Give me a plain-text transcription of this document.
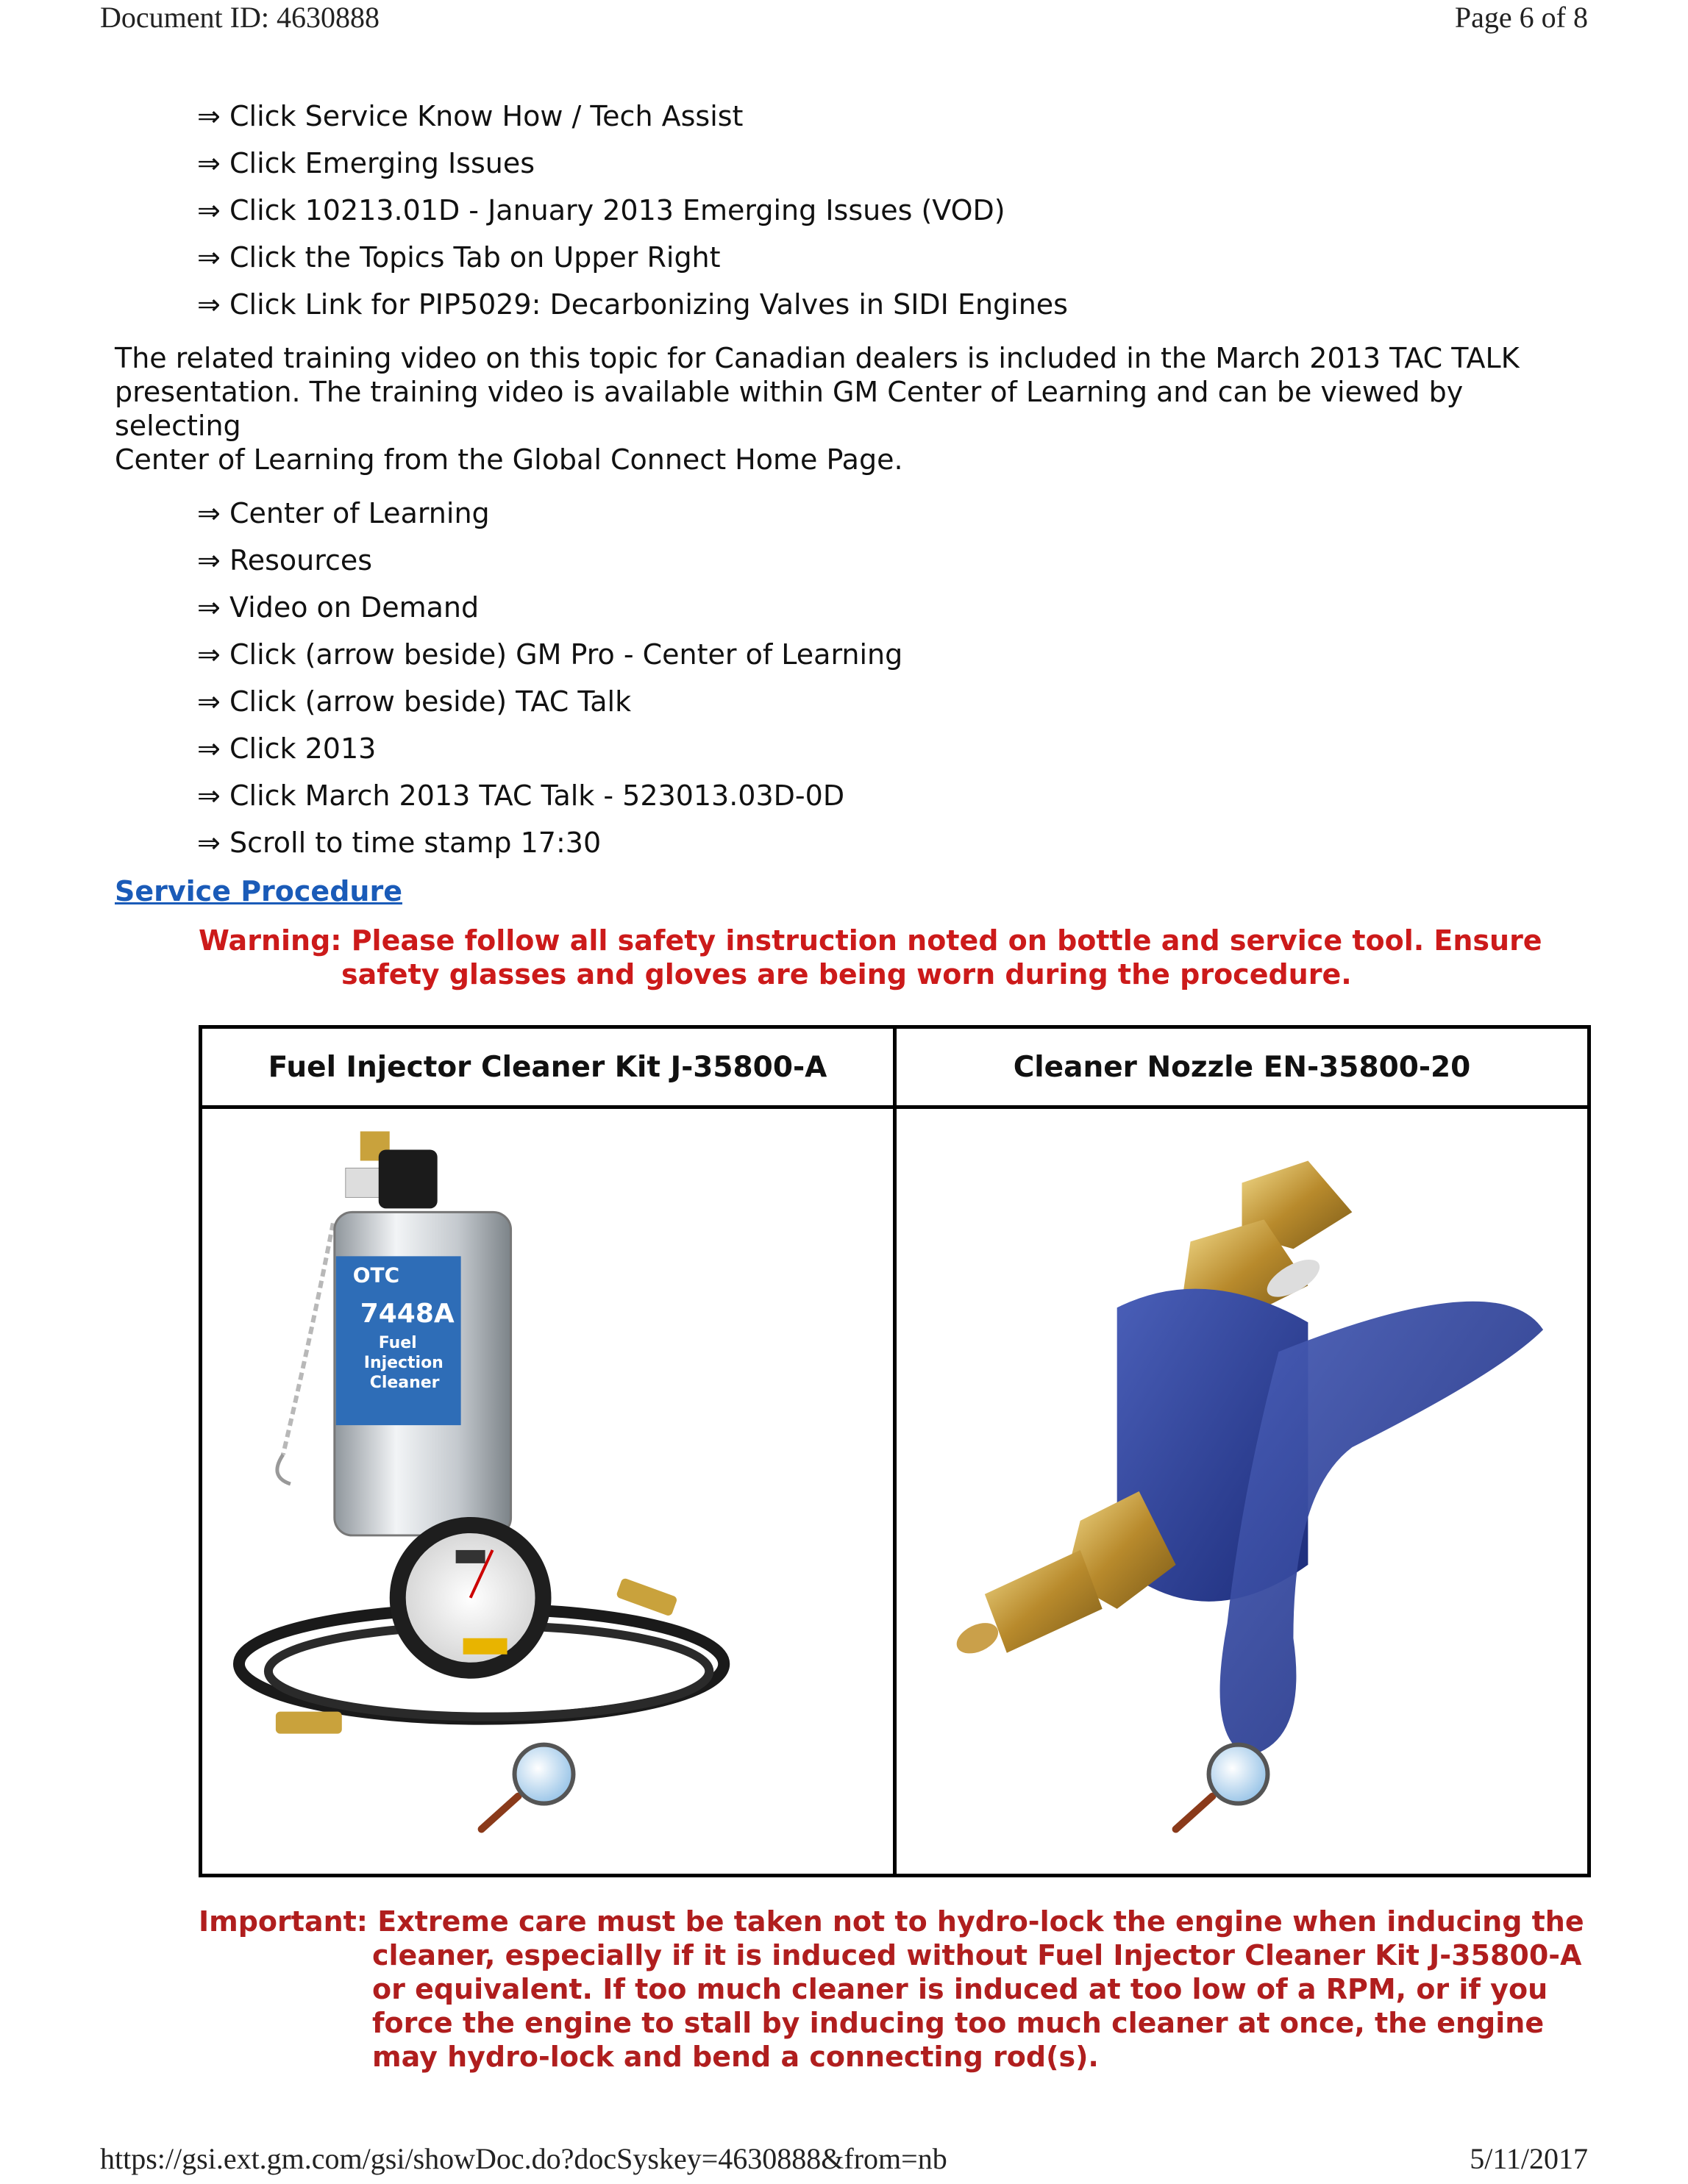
Document ID: 4630888	Page 6 of 8
⇒ Click Service Know How / Tech Assist
⇒ Click Emerging Issues
⇒ Click 10213.01D - January 2013 Emerging Issues (VOD)
⇒ Click the Topics Tab on Upper Right
⇒ Click Link for PIP5029: Decarbonizing Valves in SIDI Engines
The related training video on this topic for Canadian dealers is included in the March 2013 TAC TALK
presentation. The training video is available within GM Center of Learning and can be viewed by selecting
Center of Learning from the Global Connect Home Page.
⇒ Center of Learning
⇒ Resources
⇒ Video on Demand
⇒ Click (arrow beside) GM Pro - Center of Learning
⇒ Click (arrow beside) TAC Talk
⇒ Click 2013
⇒ Click March 2013 TAC Talk - 523013.03D-0D
⇒ Scroll to time stamp 17:30
Service Procedure
Warning: Please follow all safety instruction noted on bottle and service tool. Ensure
safety glasses and gloves are being worn during the procedure.
Fuel Injector Cleaner Kit J-35800-A	Cleaner Nozzle EN-35800-20

OTC
7448A
Fuel
Injection
Cleaner

Important: Extreme care must be taken not to hydro-lock the engine when inducing the
cleaner, especially if it is induced without Fuel Injector Cleaner Kit J-35800-A
or equivalent. If too much cleaner is induced at too low of a RPM, or if you
force the engine to stall by inducing too much cleaner at once, the engine
may hydro-lock and bend a connecting rod(s).
https://gsi.ext.gm.com/gsi/showDoc.do?docSyskey=4630888&from=nb	5/11/2017
